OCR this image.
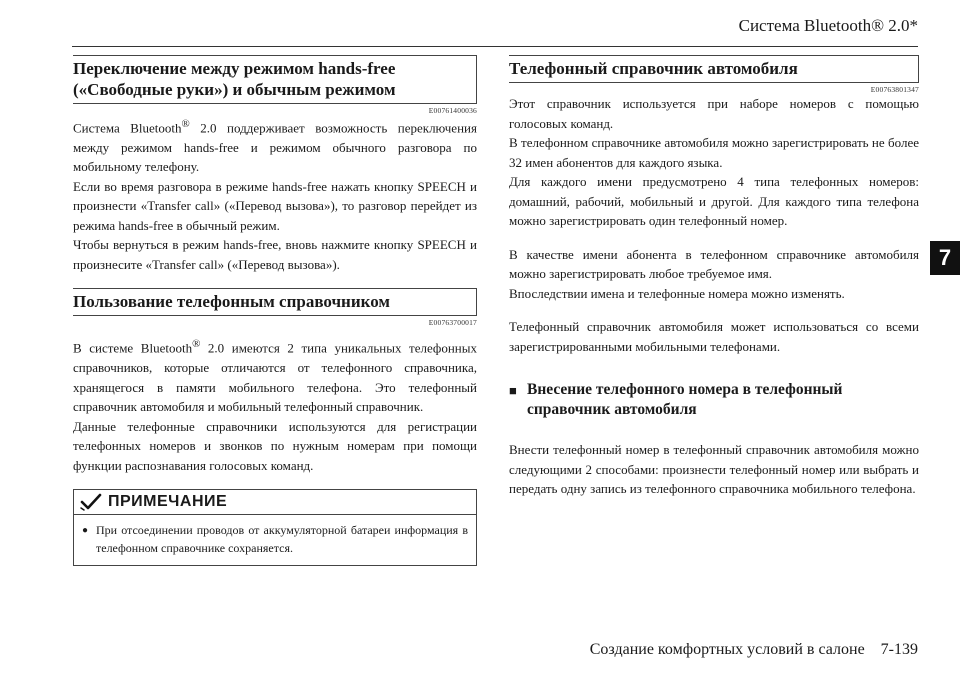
Система Bluetooth® 2.0*
7
Переключение между режимом hands-free
(«Свободные руки») и обычным режимом
E00761400036

Система Bluetooth® 2.0 поддерживает возможность переключения между режимом hands-free и режимом обычного разговора по мобильному телефону.

Если во время разговора в режиме hands-free нажать кнопку SPEECH и произнести «Transfer call» («Перевод вызова»), то разговор перейдет из режима hands-free в обычный режим.

Чтобы вернуться в режим hands-free, вновь нажмите кнопку SPEECH и произнесите «Transfer call» («Перевод вызова»).

Пользование телефонным справочником
E00763700017

В системе Bluetooth® 2.0 имеются 2 типа уникальных телефонных справочников, которые отличаются от телефонного справочника, хранящегося в памяти мобильного телефона. Это телефонный справочник автомобиля и мобильный телефонный справочник.

Данные телефонные справочники используются для регистрации телефонных номеров и звонков по нужным номерам при помощи функции распознавания голосовых команд.

ПРИМЕЧАНИЕ
● При отсоединении проводов от аккумуляторной батареи информация в телефонном справочнике сохраняется.
Телефонный справочник автомобиля
E00763801347

Этот справочник используется при наборе номеров с помощью голосовых команд.

В телефонном справочнике автомобиля можно зарегистрировать не более 32 имен абонентов для каждого языка.

Для каждого имени предусмотрено 4 типа телефонных номеров: домашний, рабочий, мобильный и другой. Для каждого типа телефона можно зарегистрировать один телефонный номер.

В качестве имени абонента в телефонном справочнике автомобиля можно зарегистрировать любое требуемое имя.

Впоследствии имена и телефонные номера можно изменять.

Телефонный справочник автомобиля может использоваться со всеми зарегистрированными мобильными телефонами.

■ Внесение телефонного номера в телефонный
справочник автомобиля

Внести телефонный номер в телефонный справочник автомобиля можно следующими 2 способами: произнести телефонный номер или выбрать и передать одну запись из телефонного справочника мобильного телефона.

Создание комфортных условий в салоне    7-139
